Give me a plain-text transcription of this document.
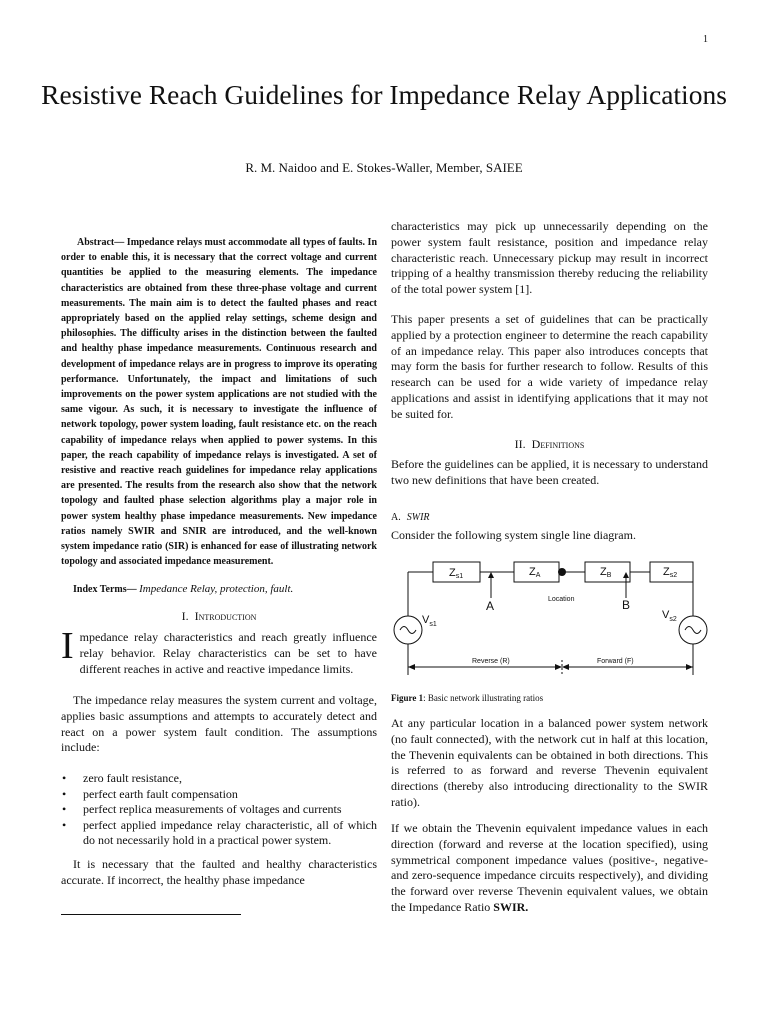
1
Resistive Reach Guidelines for Impedance Relay Applications
R. M. Naidoo and E. Stokes-Waller, Member, SAIEE

Abstract— Impedance relays must accommodate all types of faults. In order to enable this, it is necessary that the correct voltage and current quantities be applied to the measuring elements. The impedance characteristics are obtained from these three-phase voltage and current measurements. The main aim is to detect the faulted phases and react appropriately based on the applied relay settings, scheme design and philosophies. The difficulty arises in the distinction between the faulted and healthy phase impedance measurements. Continuous research and development of impedance relays are in progress to improve its operating performance. Unfortunately, the impact and limitations of such improvements on the power system applications are not studied with the same vigour. As such, it is necessary to investigate the influence of network topology, power system loading, fault resistance etc. on the reach capability of impedance relays when applied to power systems. In this paper, the reach capability of impedance relays is investigated. A set of resistive and reactive reach guidelines for impedance relay applications are presented. The results from the research also show that the network topology and faulted phase selection algorithms play a major role in power system healthy phase impedance measurements. New impedance ratios namely SWIR and SNIR are introduced, and the well-known system impedance ratio (SIR) is enhanced for ease of illustrating network topology and associated impedance measurement.

Index Terms— Impedance Relay, protection, fault.

I. Introduction

Impedance relay characteristics and reach greatly influence relay behavior. Relay characteristics can be set to have different reaches in active and reactive impedance limits.

The impedance relay measures the system current and voltage, applies basic assumptions and attempts to accurately detect and react on a power system fault condition. The assumptions include:

• zero fault resistance,
• perfect earth fault compensation
• perfect replica measurements of voltages and currents
• perfect applied impedance relay characteristic, all of which do not necessarily hold in a practical power system.

It is necessary that the faulted and healthy characteristics accurate. If incorrect, the healthy phase impedance

characteristics may pick up unnecessarily depending on the power system fault resistance, position and impedance relay characteristic reach. Unnecessary pickup may result in incorrect tripping of a healthy transmission thereby reducing the reliability of the total power system [1].

This paper presents a set of guidelines that can be practically applied by a protection engineer to determine the reach capability of an impedance relay. This paper also introduces concepts that may form the basis for further research to follow. Results of this research can be used for a wide variety of impedance relay applications and assist in identifying applications that it may not be suited for.

II. Definitions

Before the guidelines can be applied, it is necessary to understand two new definitions that have been created.

A. SWIR

Consider the following system single line diagram.

Zs1	ZA	ZB	Zs2
$V_{s1}$
$V_{s2}$
A	B
Location
Reverse (R)	Forward (F)
Figure 1: Basic network illustrating ratios

At any particular location in a balanced power system network (no fault connected), with the network cut in half at this location, the Thevenin equivalents can be obtained in both directions. This is referred to as forward and reverse Thevenin equivalent directions (thereby also introducing directionality to the SWIR ratio).

If we obtain the Thevenin equivalent impedance values in each direction (forward and reverse at the location specified), using symmetrical component impedance values (positive-, negative- and zero-sequence impedance circuits respectively), and dividing the forward over reverse Thevenin equivalent values, we obtain the Impedance Ratio SWIR.
